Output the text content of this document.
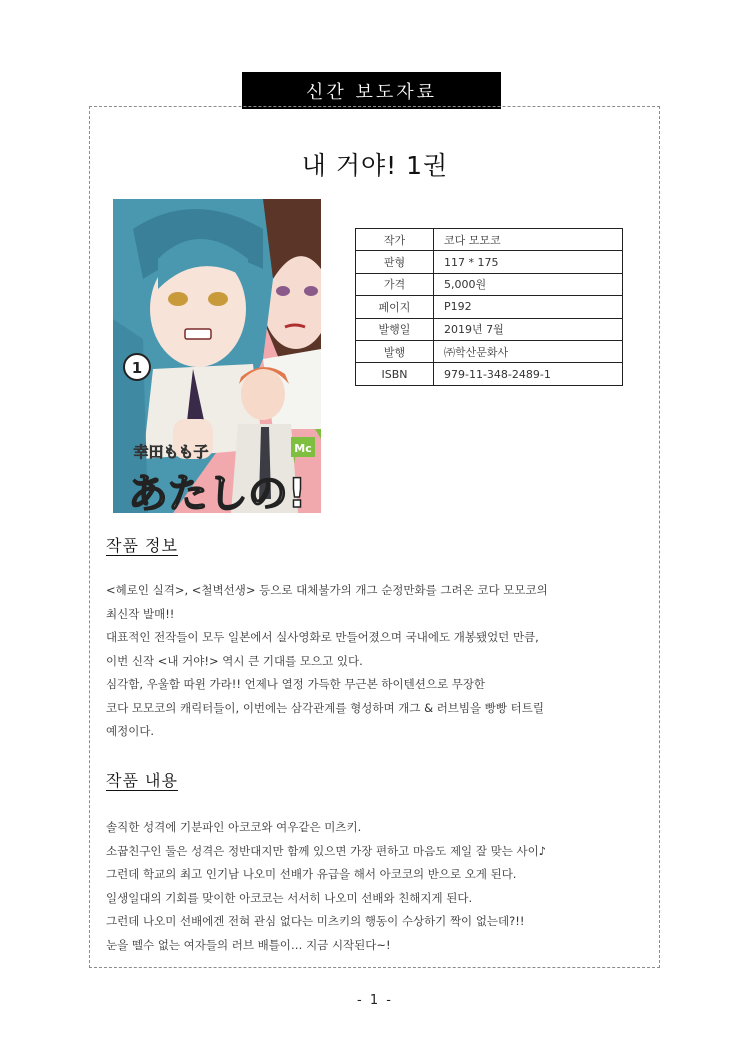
신간 보도자료
내 거야! 1권
1
幸田もも子	Mc
あたしの!
작가	코다 모모코
판형	117 * 175
가격	5,000원
페이지	P192
발행일	2019년 7월
발행	㈜학산문화사
ISBN	979-11-348-2489-1
작품 정보
<헤로인 실격>, <철벽선생> 등으로 대체불가의 개그 순정만화를 그려온 코다 모모코의
최신작 발매!!
대표적인 전작들이 모두 일본에서 실사영화로 만들어졌으며 국내에도 개봉됐었던 만큼,
이번 신작 <내 거야!> 역시 큰 기대를 모으고 있다.
심각함, 우울함 따윈 가라!! 언제나 열정 가득한 무근본 하이텐션으로 무장한
코다 모모코의 캐릭터들이, 이번에는 삼각관계를 형성하며 개그 & 러브빔을 빵빵 터트릴
예정이다.
작품 내용
솔직한 성격에 기분파인 아코코와 여우같은 미츠키.
소꿉친구인 둘은 성격은 정반대지만 함께 있으면 가장 편하고 마음도 제일 잘 맞는 사이♪
그런데 학교의 최고 인기남 나오미 선배가 유급을 해서 아코코의 반으로 오게 된다.
일생일대의 기회를 맞이한 아코코는 서서히 나오미 선배와 친해지게 된다.
그런데 나오미 선배에겐 전혀 관심 없다는 미츠키의 행동이 수상하기 짝이 없는데?!!
눈을 뗄수 없는 여자들의 러브 배틀이… 지금 시작된다~!
- 1 -
